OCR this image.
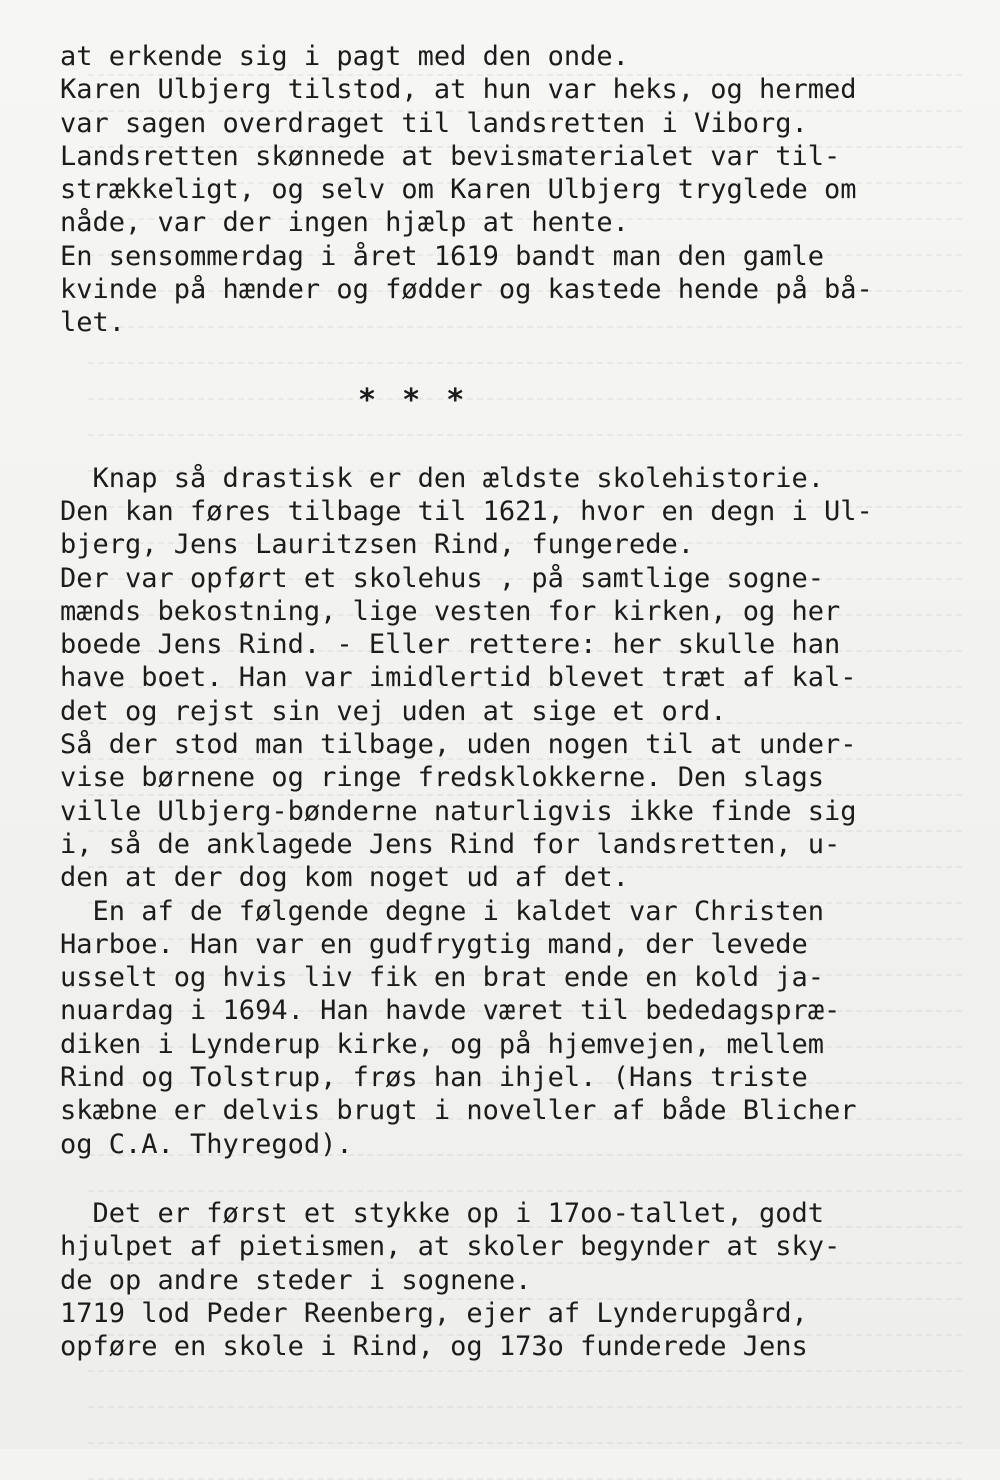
at erkende sig i pagt med den onde.
Karen Ulbjerg tilstod, at hun var heks, og hermed
var sagen overdraget til landsretten i Viborg.
Landsretten skønnede at bevismaterialet var til-
strækkeligt, og selv om Karen Ulbjerg tryglede om
nåde, var der ingen hjælp at hente.
En sensommerdag i året 1619 bandt man den gamle
kvinde på hænder og fødder og kastede hende på bå-
let.
* * *
Knap så drastisk er den ældste skolehistorie.
Den kan føres tilbage til 1621, hvor en degn i Ul-
bjerg, Jens Lauritzsen Rind, fungerede.
Der var opført et skolehus , på samtlige sogne-
mænds bekostning, lige vesten for kirken, og her
boede Jens Rind. - Eller rettere: her skulle han
have boet. Han var imidlertid blevet træt af kal-
det og rejst sin vej uden at sige et ord.
Så der stod man tilbage, uden nogen til at under-
vise børnene og ringe fredsklokkerne. Den slags
ville Ulbjerg-bønderne naturligvis ikke finde sig
i, så de anklagede Jens Rind for landsretten, u-
den at der dog kom noget ud af det.
En af de følgende degne i kaldet var Christen
Harboe. Han var en gudfrygtig mand, der levede
usselt og hvis liv fik en brat ende en kold ja-
nuardag i 1694. Han havde været til bededagspræ-
diken i Lynderup kirke, og på hjemvejen, mellem
Rind og Tolstrup, frøs han ihjel. (Hans triste
skæbne er delvis brugt i noveller af både Blicher
og C.A. Thyregod).
Det er først et stykke op i 17oo-tallet, godt
hjulpet af pietismen, at skoler begynder at sky-
de op andre steder i sognene.
1719 lod Peder Reenberg, ejer af Lynderupgård,
opføre en skole i Rind, og 173o funderede Jens
